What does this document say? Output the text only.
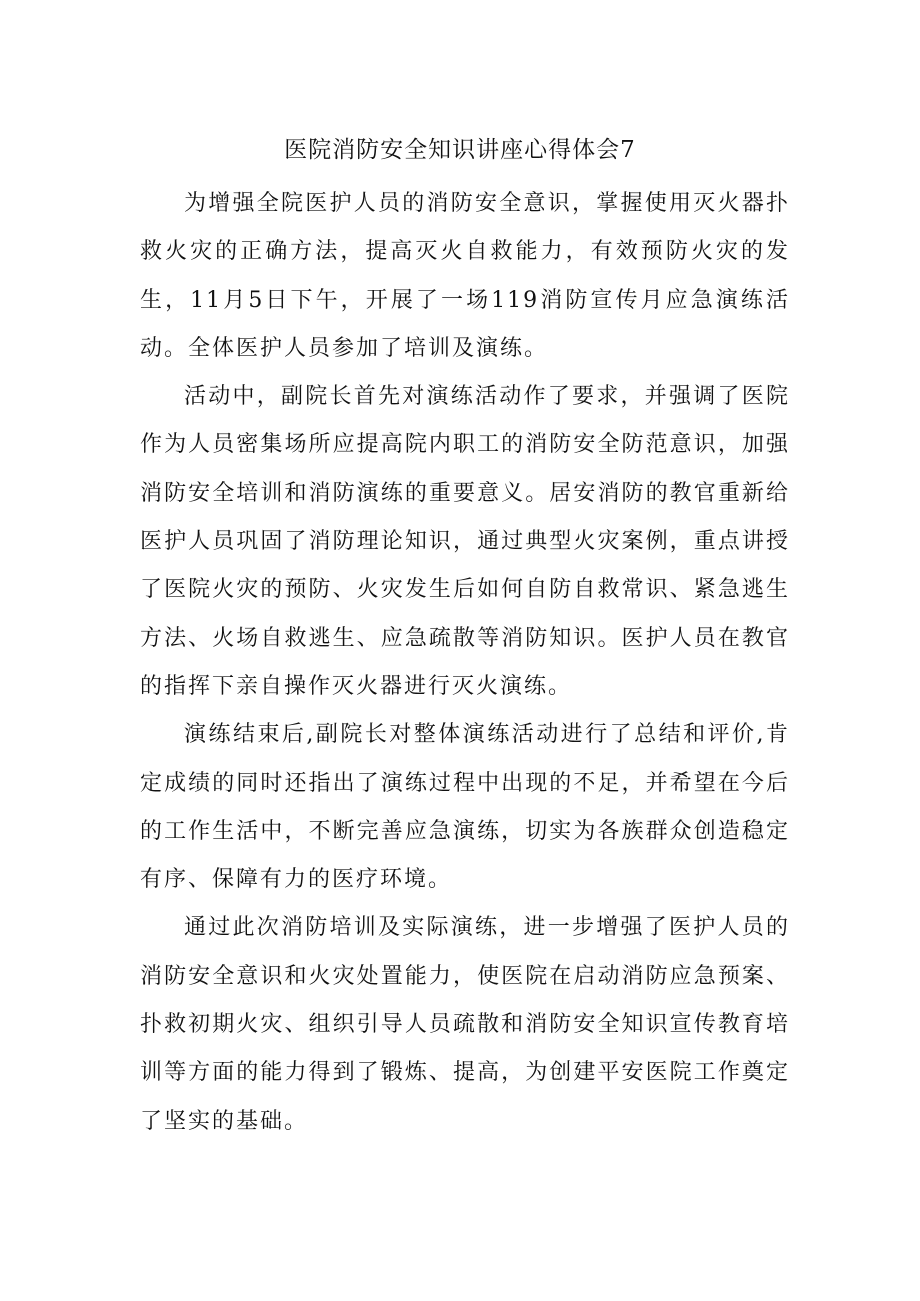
医院消防安全知识讲座心得体会7

为增强全院医护人员的消防安全意识，掌握使用灭火器扑救火灾的正确方法，提高灭火自救能力，有效预防火灾的发生，11月5日下午，开展了一场119消防宣传月应急演练活动。全体医护人员参加了培训及演练。

活动中，副院长首先对演练活动作了要求，并强调了医院作为人员密集场所应提高院内职工的消防安全防范意识，加强消防安全培训和消防演练的重要意义。居安消防的教官重新给医护人员巩固了消防理论知识，通过典型火灾案例，重点讲授了医院火灾的预防、火灾发生后如何自防自救常识、紧急逃生方法、火场自救逃生、应急疏散等消防知识。医护人员在教官的指挥下亲自操作灭火器进行灭火演练。

演练结束后,副院长对整体演练活动进行了总结和评价,肯定成绩的同时还指出了演练过程中出现的不足，并希望在今后的工作生活中，不断完善应急演练，切实为各族群众创造稳定有序、保障有力的医疗环境。

通过此次消防培训及实际演练，进一步增强了医护人员的消防安全意识和火灾处置能力，使医院在启动消防应急预案、扑救初期火灾、组织引导人员疏散和消防安全知识宣传教育培训等方面的能力得到了锻炼、提高，为创建平安医院工作奠定了坚实的基础。
